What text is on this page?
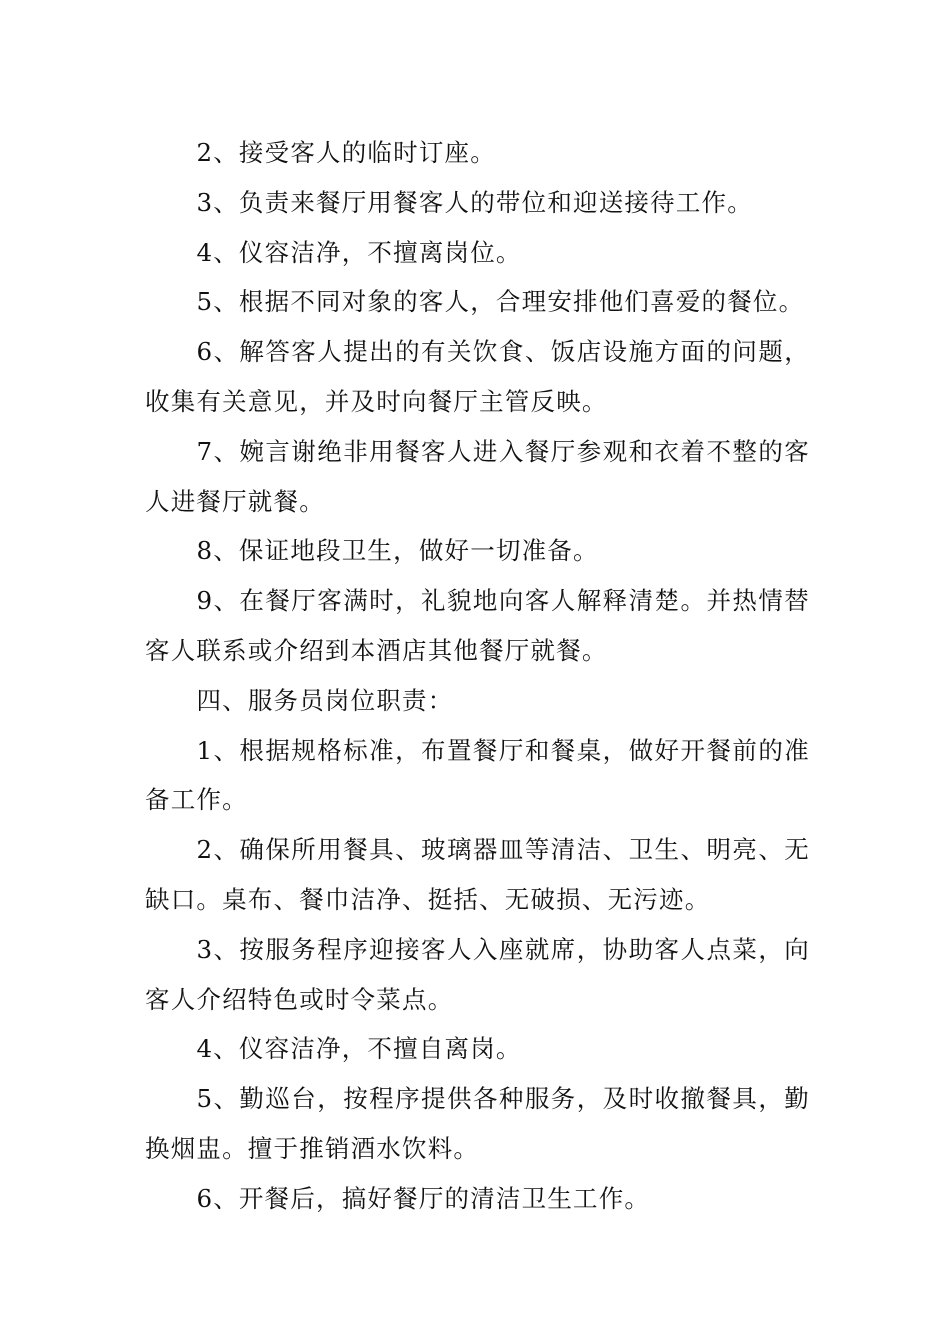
2、接受客人的临时订座。

3、负责来餐厅用餐客人的带位和迎送接待工作。

4、仪容洁净，不擅离岗位。

5、根据不同对象的客人，合理安排他们喜爱的餐位。

6、解答客人提出的有关饮食、饭店设施方面的问题，收集有关意见，并及时向餐厅主管反映。

7、婉言谢绝非用餐客人进入餐厅参观和衣着不整的客人进餐厅就餐。

8、保证地段卫生，做好一切准备。

9、在餐厅客满时，礼貌地向客人解释清楚。并热情替客人联系或介绍到本酒店其他餐厅就餐。

四、服务员岗位职责：

1、根据规格标准，布置餐厅和餐桌，做好开餐前的准备工作。

2、确保所用餐具、玻璃器皿等清洁、卫生、明亮、无缺口。桌布、餐巾洁净、挺括、无破损、无污迹。

3、按服务程序迎接客人入座就席，协助客人点菜，向客人介绍特色或时令菜点。

4、仪容洁净，不擅自离岗。

5、勤巡台，按程序提供各种服务，及时收撤餐具，勤换烟盅。擅于推销酒水饮料。

6、开餐后，搞好餐厅的清洁卫生工作。
